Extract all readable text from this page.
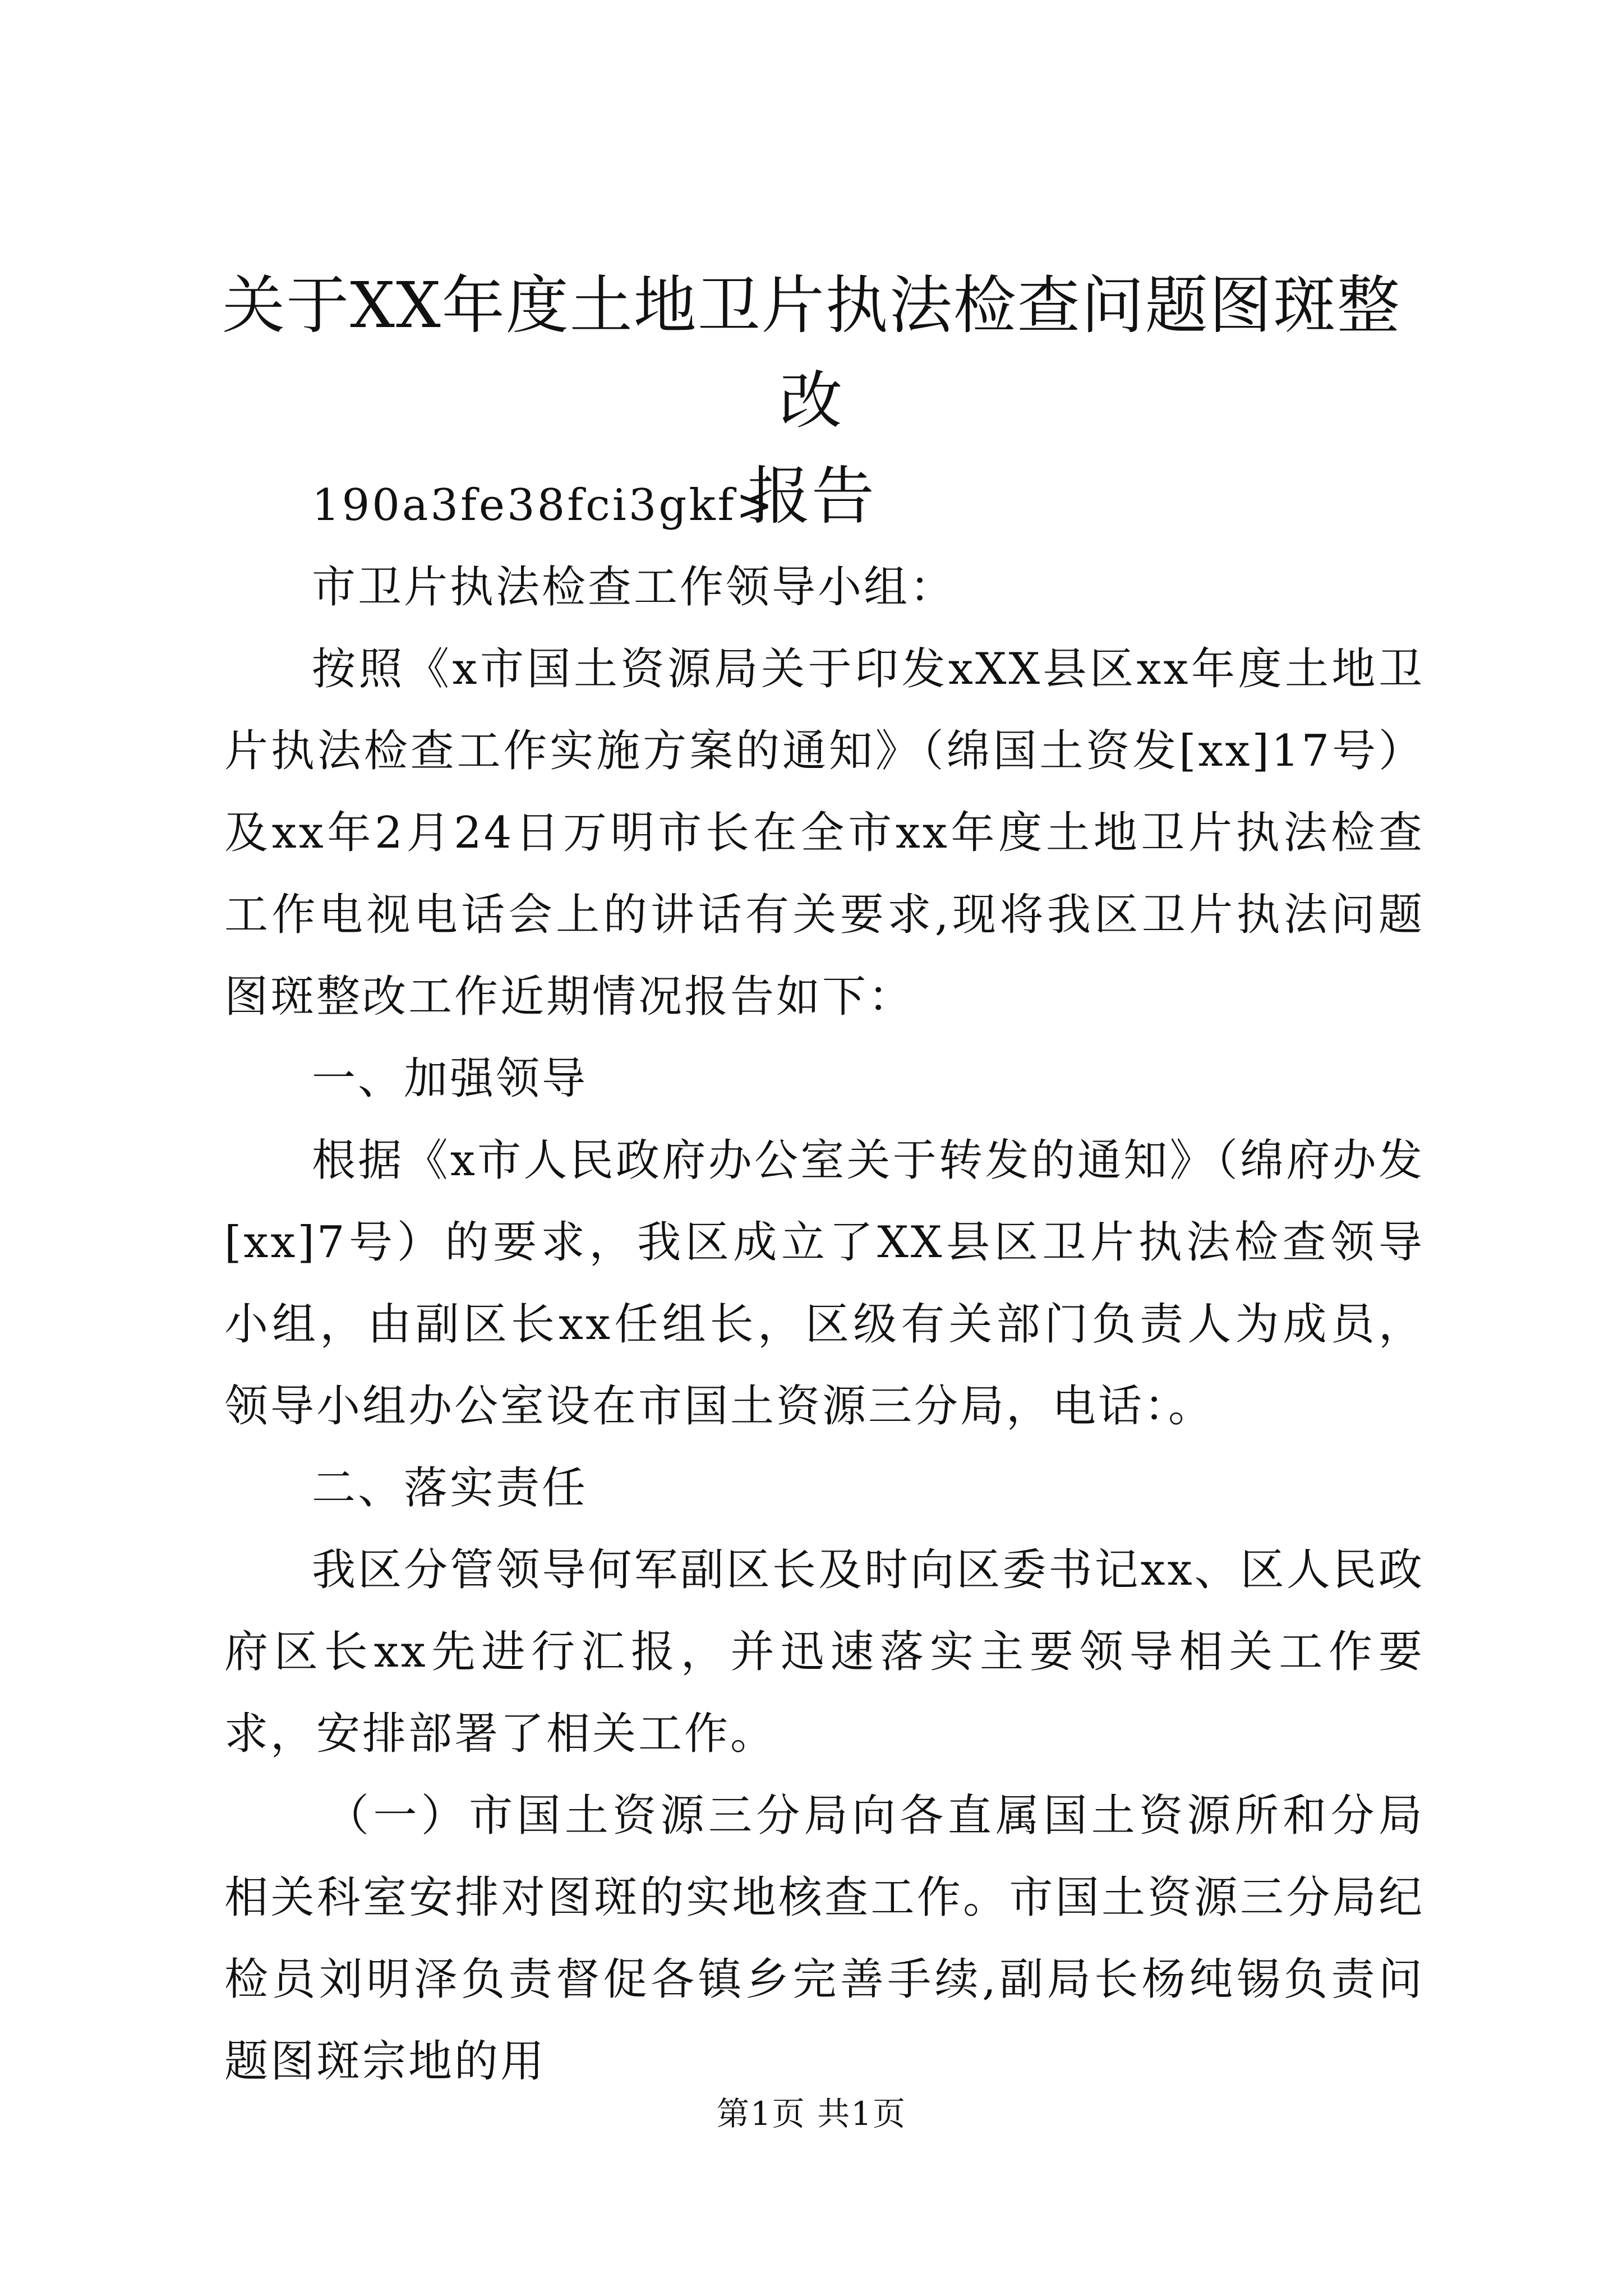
关于XX年度土地卫片执法检查问题图斑整改
报告

190a3fe38fci3gkf>

市卫片执法检查工作领导小组：

按照《x市国土资源局关于印发xXX县区xx年度土地卫片执法检查工作实施方案的通知》（绵国土资发[xx]17号）及xx年2月24日万明市长在全市xx年度土地卫片执法检查工作电视电话会上的讲话有关要求,现将我区卫片执法问题图斑整改工作近期情况报告如下：

一、加强领导

根据《x市人民政府办公室关于转发的通知》（绵府办发[xx]7号）的要求，我区成立了XX县区卫片执法检查领导小组，由副区长xx任组长，区级有关部门负责人为成员，领导小组办公室设在市国土资源三分局，电话：。

二、落实责任

我区分管领导何军副区长及时向区委书记xx、区人民政府区长xx先进行汇报，并迅速落实主要领导相关工作要求，安排部署了相关工作。

（一）市国土资源三分局向各直属国土资源所和分局相关科室安排对图斑的实地核查工作。市国土资源三分局纪检员刘明泽负责督促各镇乡完善手续,副局长杨纯锡负责问题图斑宗地的用

第1页 共1页
